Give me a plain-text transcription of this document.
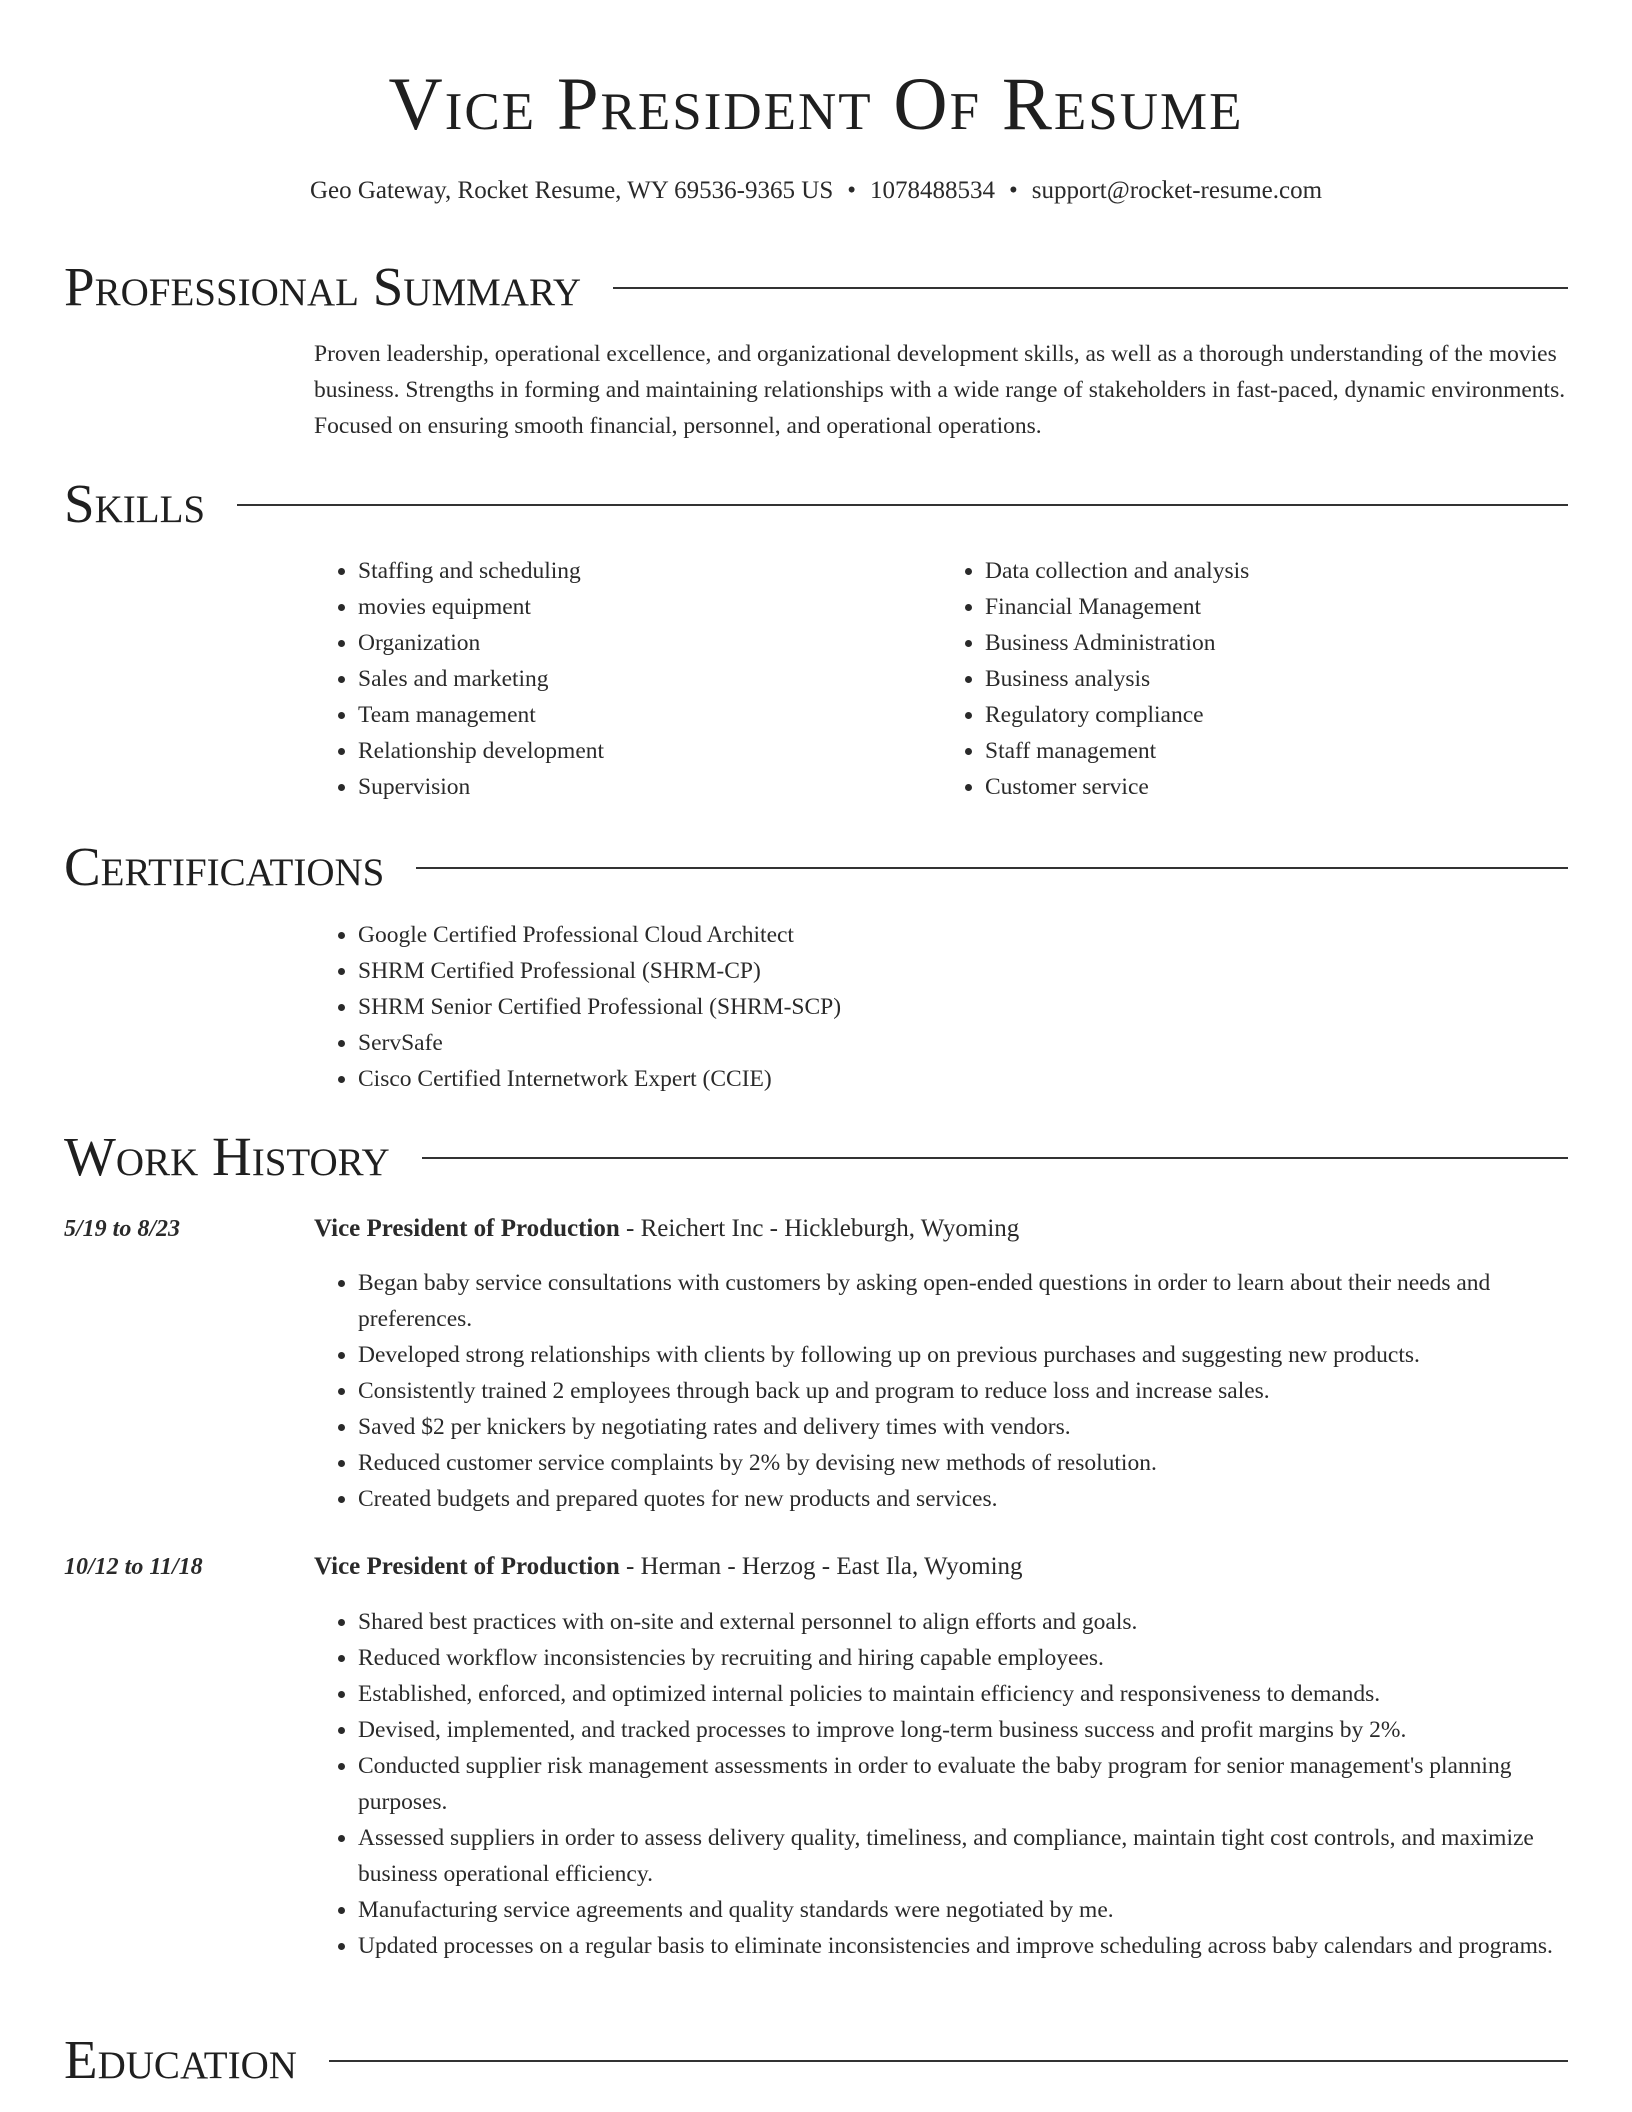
Vice President Of Resume
Geo Gateway, Rocket Resume, WY 69536-9365 US • 1078488534 • support@rocket-resume.com
Professional Summary
Proven leadership, operational excellence, and organizational development skills, as well as a thorough understanding of the movies business. Strengths in forming and maintaining relationships with a wide range of stakeholders in fast-paced, dynamic environments. Focused on ensuring smooth financial, personnel, and operational operations.
Skills
• Staffing and scheduling
• movies equipment
• Organization
• Sales and marketing
• Team management
• Relationship development
• Supervision
• Data collection and analysis
• Financial Management
• Business Administration
• Business analysis
• Regulatory compliance
• Staff management
• Customer service
Certifications
• Google Certified Professional Cloud Architect
• SHRM Certified Professional (SHRM-CP)
• SHRM Senior Certified Professional (SHRM-SCP)
• ServSafe
• Cisco Certified Internetwork Expert (CCIE)
Work History
5/19 to 8/23	Vice President of Production - Reichert Inc - Hickleburgh, Wyoming
• Began baby service consultations with customers by asking open-ended questions in order to learn about their needs and preferences.
• Developed strong relationships with clients by following up on previous purchases and suggesting new products.
• Consistently trained 2 employees through back up and program to reduce loss and increase sales.
• Saved $2 per knickers by negotiating rates and delivery times with vendors.
• Reduced customer service complaints by 2% by devising new methods of resolution.
• Created budgets and prepared quotes for new products and services.
10/12 to 11/18	Vice President of Production - Herman - Herzog - East Ila, Wyoming
• Shared best practices with on-site and external personnel to align efforts and goals.
• Reduced workflow inconsistencies by recruiting and hiring capable employees.
• Established, enforced, and optimized internal policies to maintain efficiency and responsiveness to demands.
• Devised, implemented, and tracked processes to improve long-term business success and profit margins by 2%.
• Conducted supplier risk management assessments in order to evaluate the baby program for senior management's planning purposes.
• Assessed suppliers in order to assess delivery quality, timeliness, and compliance, maintain tight cost controls, and maximize business operational efficiency.
• Manufacturing service agreements and quality standards were negotiated by me.
• Updated processes on a regular basis to eliminate inconsistencies and improve scheduling across baby calendars and programs.
Education
